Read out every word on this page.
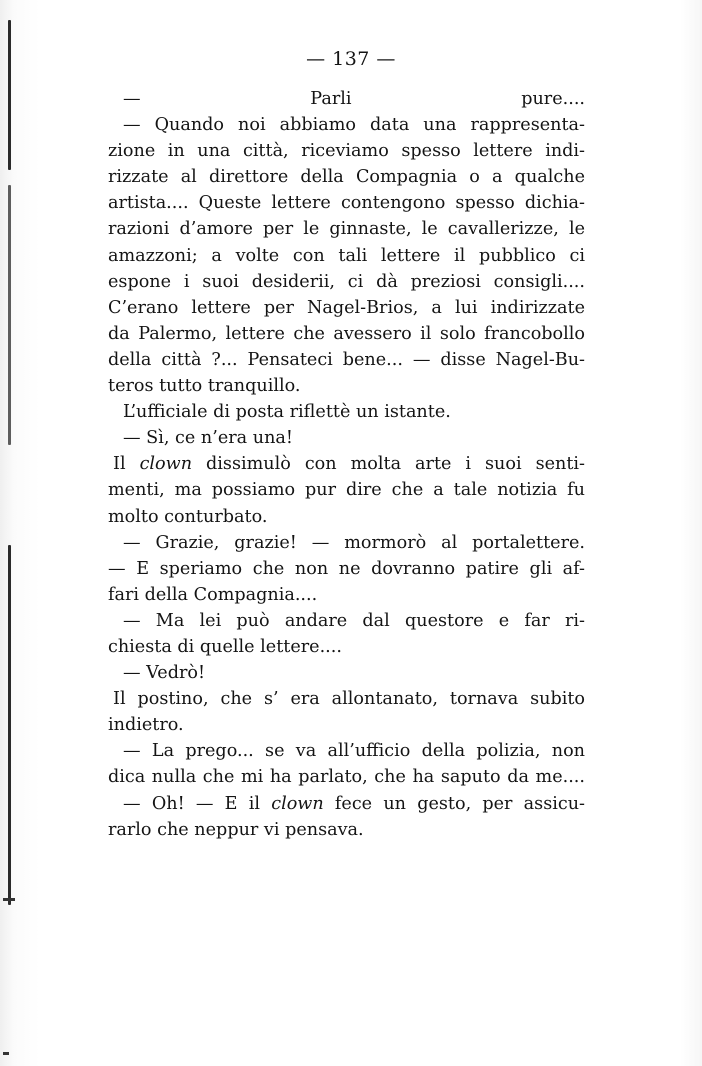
— 137 —
— Parli pure....
— Quando noi abbiamo data una rappresenta-
zione in una città, riceviamo spesso lettere indi-
rizzate al direttore della Compagnia o a qualche
artista.... Queste lettere contengono spesso dichia-
razioni d’amore per le ginnaste, le cavallerizze, le
amazzoni; a volte con tali lettere il pubblico ci
espone i suoi desiderii, ci dà preziosi consigli....
C’erano lettere per Nagel-Brios, a lui indirizzate
da Palermo, lettere che avessero il solo francobollo
della città ?... Pensateci bene... — disse Nagel-Bu-
teros tutto tranquillo.
L’ufficiale di posta riflettè un istante.
— Sì, ce n’era una!
Il clown dissimulò con molta arte i suoi senti-
menti, ma possiamo pur dire che a tale notizia fu
molto conturbato.
— Grazie, grazie! — mormorò al portalettere.
— E speriamo che non ne dovranno patire gli af-
fari della Compagnia....
— Ma lei può andare dal questore e far ri-
chiesta di quelle lettere....
— Vedrò!
Il postino, che s’ era allontanato, tornava subito
indietro.
— La prego... se va all’ufficio della polizia, non
dica nulla che mi ha parlato, che ha saputo da me....
— Oh! — E il clown fece un gesto, per assicu-
rarlo che neppur vi pensava.
